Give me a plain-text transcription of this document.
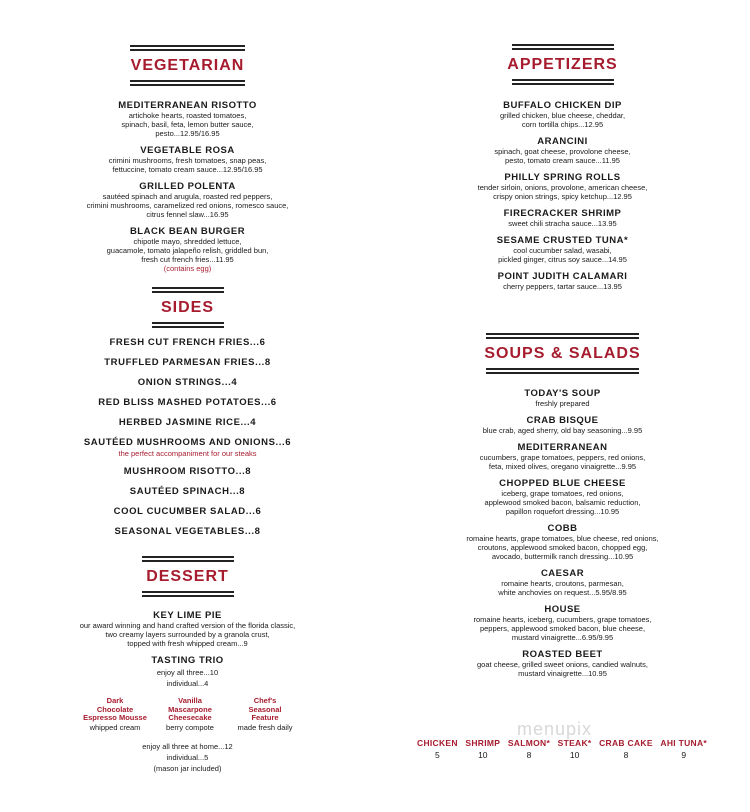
VEGETARIAN
MEDITERRANEAN RISOTTO
artichoke hearts, roasted tomatoes,
spinach, basil, feta, lemon butter sauce,
pesto...12.95/16.95
VEGETABLE ROSA
crimini mushrooms, fresh tomatoes, snap peas,
fettuccine, tomato cream sauce...12.95/16.95
GRILLED POLENTA
sautéed spinach and arugula, roasted red peppers,
crimini mushrooms, caramelized red onions, romesco sauce,
citrus fennel slaw...16.95
BLACK BEAN BURGER
chipotle mayo, shredded lettuce,
guacamole, tomato jalapeño relish, griddled bun,
fresh cut french fries...11.95
(contains egg)
SIDES
FRESH CUT FRENCH FRIES...6
TRUFFLED PARMESAN FRIES...8
ONION STRINGS...4
RED BLISS MASHED POTATOES...6
HERBED JASMINE RICE...4
SAUTÉED MUSHROOMS AND ONIONS...6
the perfect accompaniment for our steaks
MUSHROOM RISOTTO...8
SAUTÉED SPINACH...8
COOL CUCUMBER SALAD...6
SEASONAL VEGETABLES...8
DESSERT
KEY LIME PIE
our award winning and hand crafted version of the florida classic,
two creamy layers surrounded by a granola crust,
topped with fresh whipped cream...9
TASTING TRIO
enjoy all three...10
individual...4
Dark
Chocolate
Espresso Mousse
whipped cream
Vanilla
Mascarpone
Cheesecake
berry compote
Chef's
Seasonal
Feature
made fresh daily
enjoy all three at home...12
individual...5
(mason jar included)
APPETIZERS
BUFFALO CHICKEN DIP
grilled chicken, blue cheese, cheddar,
corn tortilla chips...12.95
ARANCINI
spinach, goat cheese, provolone cheese,
pesto, tomato cream sauce...11.95
PHILLY SPRING ROLLS
tender sirloin, onions, provolone, american cheese,
crispy onion strings, spicy ketchup...12.95
FIRECRACKER SHRIMP
sweet chili stracha sauce...13.95
SESAME CRUSTED TUNA*
cool cucumber salad, wasabi,
pickled ginger, citrus soy sauce...14.95
POINT JUDITH CALAMARI
cherry peppers, tartar sauce...13.95
SOUPS & SALADS
TODAY'S SOUP
freshly prepared
CRAB BISQUE
blue crab, aged sherry, old bay seasoning...9.95
MEDITERRANEAN
cucumbers, grape tomatoes, peppers, red onions,
feta, mixed olives, oregano vinaigrette...9.95
CHOPPED BLUE CHEESE
iceberg, grape tomatoes, red onions,
applewood smoked bacon, balsamic reduction,
papillon roquefort dressing...10.95
COBB
romaine hearts, grape tomatoes, blue cheese, red onions,
croutons, applewood smoked bacon, chopped egg,
avocado, buttermilk ranch dressing...10.95
CAESAR
romaine hearts, croutons, parmesan,
white anchovies on request...5.95/8.95
HOUSE
romaine hearts, iceberg, cucumbers, grape tomatoes,
peppers, applewood smoked bacon, blue cheese,
mustard vinaigrette...6.95/9.95
ROASTED BEET
goat cheese, grilled sweet onions, candied walnuts,
mustard vinaigrette...10.95
menupix
CHICKEN
5
SHRIMP
10
SALMON*
8
STEAK*
10
CRAB CAKE
8
AHI TUNA*
9
